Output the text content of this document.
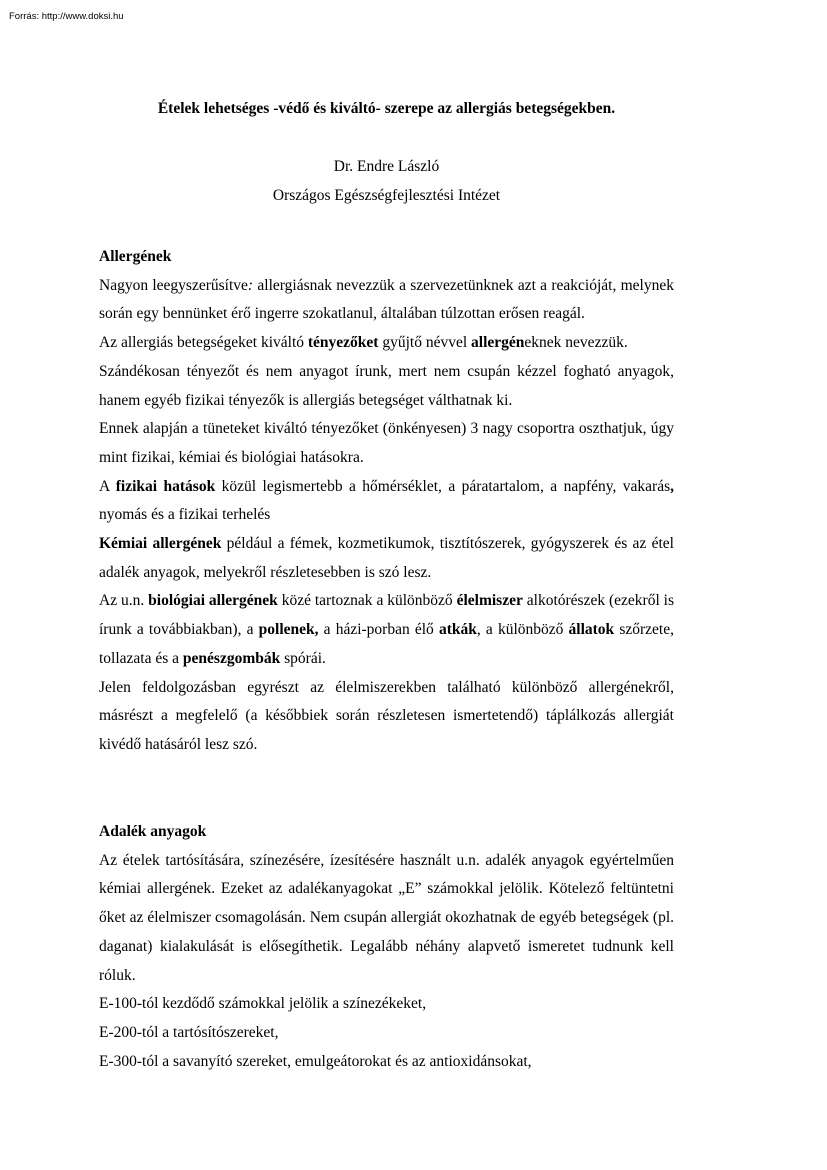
Forrás: http://www.doksi.hu
Ételek lehetséges -védő és kiváltó- szerepe az allergiás betegségekben.
Dr. Endre László
Országos Egészségfejlesztési Intézet
Allergének

Nagyon leegyszerűsítve: allergiásnak nevezzük a szervezetünknek azt a reakcióját, melynek során egy bennünket érő ingerre szokatlanul, általában túlzottan erősen reagál.

Az allergiás betegségeket kiváltó tényezőket gyűjtő névvel allergéneknek nevezzük.

Szándékosan tényezőt és nem anyagot írunk, mert nem csupán kézzel fogható anyagok, hanem egyéb fizikai tényezők is allergiás betegséget válthatnak ki.

Ennek alapján a tüneteket kiváltó tényezőket (önkényesen) 3 nagy csoportra oszthatjuk, úgy mint fizikai, kémiai és biológiai hatásokra.

A fizikai hatások közül legismertebb a hőmérséklet, a páratartalom, a napfény, vakarás, nyomás és a fizikai terhelés

Kémiai allergének például a fémek, kozmetikumok, tisztítószerek, gyógyszerek és az étel adalék anyagok, melyekről részletesebben is szó lesz.

Az u.n. biológiai allergének közé tartoznak a különböző élelmiszer alkotórészek (ezekről is írunk a továbbiakban), a pollenek, a házi-porban élő atkák, a különböző állatok szőrzete, tollazata és a penészgombák spórái.

Jelen feldolgozásban egyrészt az élelmiszerekben található különböző allergénekről, másrészt a megfelelő (a későbbiek során részletesen ismertetendő) táplálkozás allergiát kivédő hatásáról lesz szó.

Adalék anyagok

Az ételek tartósítására, színezésére, ízesítésére használt u.n. adalék anyagok egyértelműen kémiai allergének. Ezeket az adalékanyagokat „E” számokkal jelölik. Kötelező feltüntetni őket az élelmiszer csomagolásán. Nem csupán allergiát okozhatnak de egyéb betegségek (pl. daganat) kialakulását is elősegíthetik. Legalább néhány alapvető ismeretet tudnunk kell róluk.

E-100-tól kezdődő számokkal jelölik a színezékeket,

E-200-tól a tartósítószereket,

E-300-tól a savanyító szereket, emulgeátorokat és az antioxidánsokat,
